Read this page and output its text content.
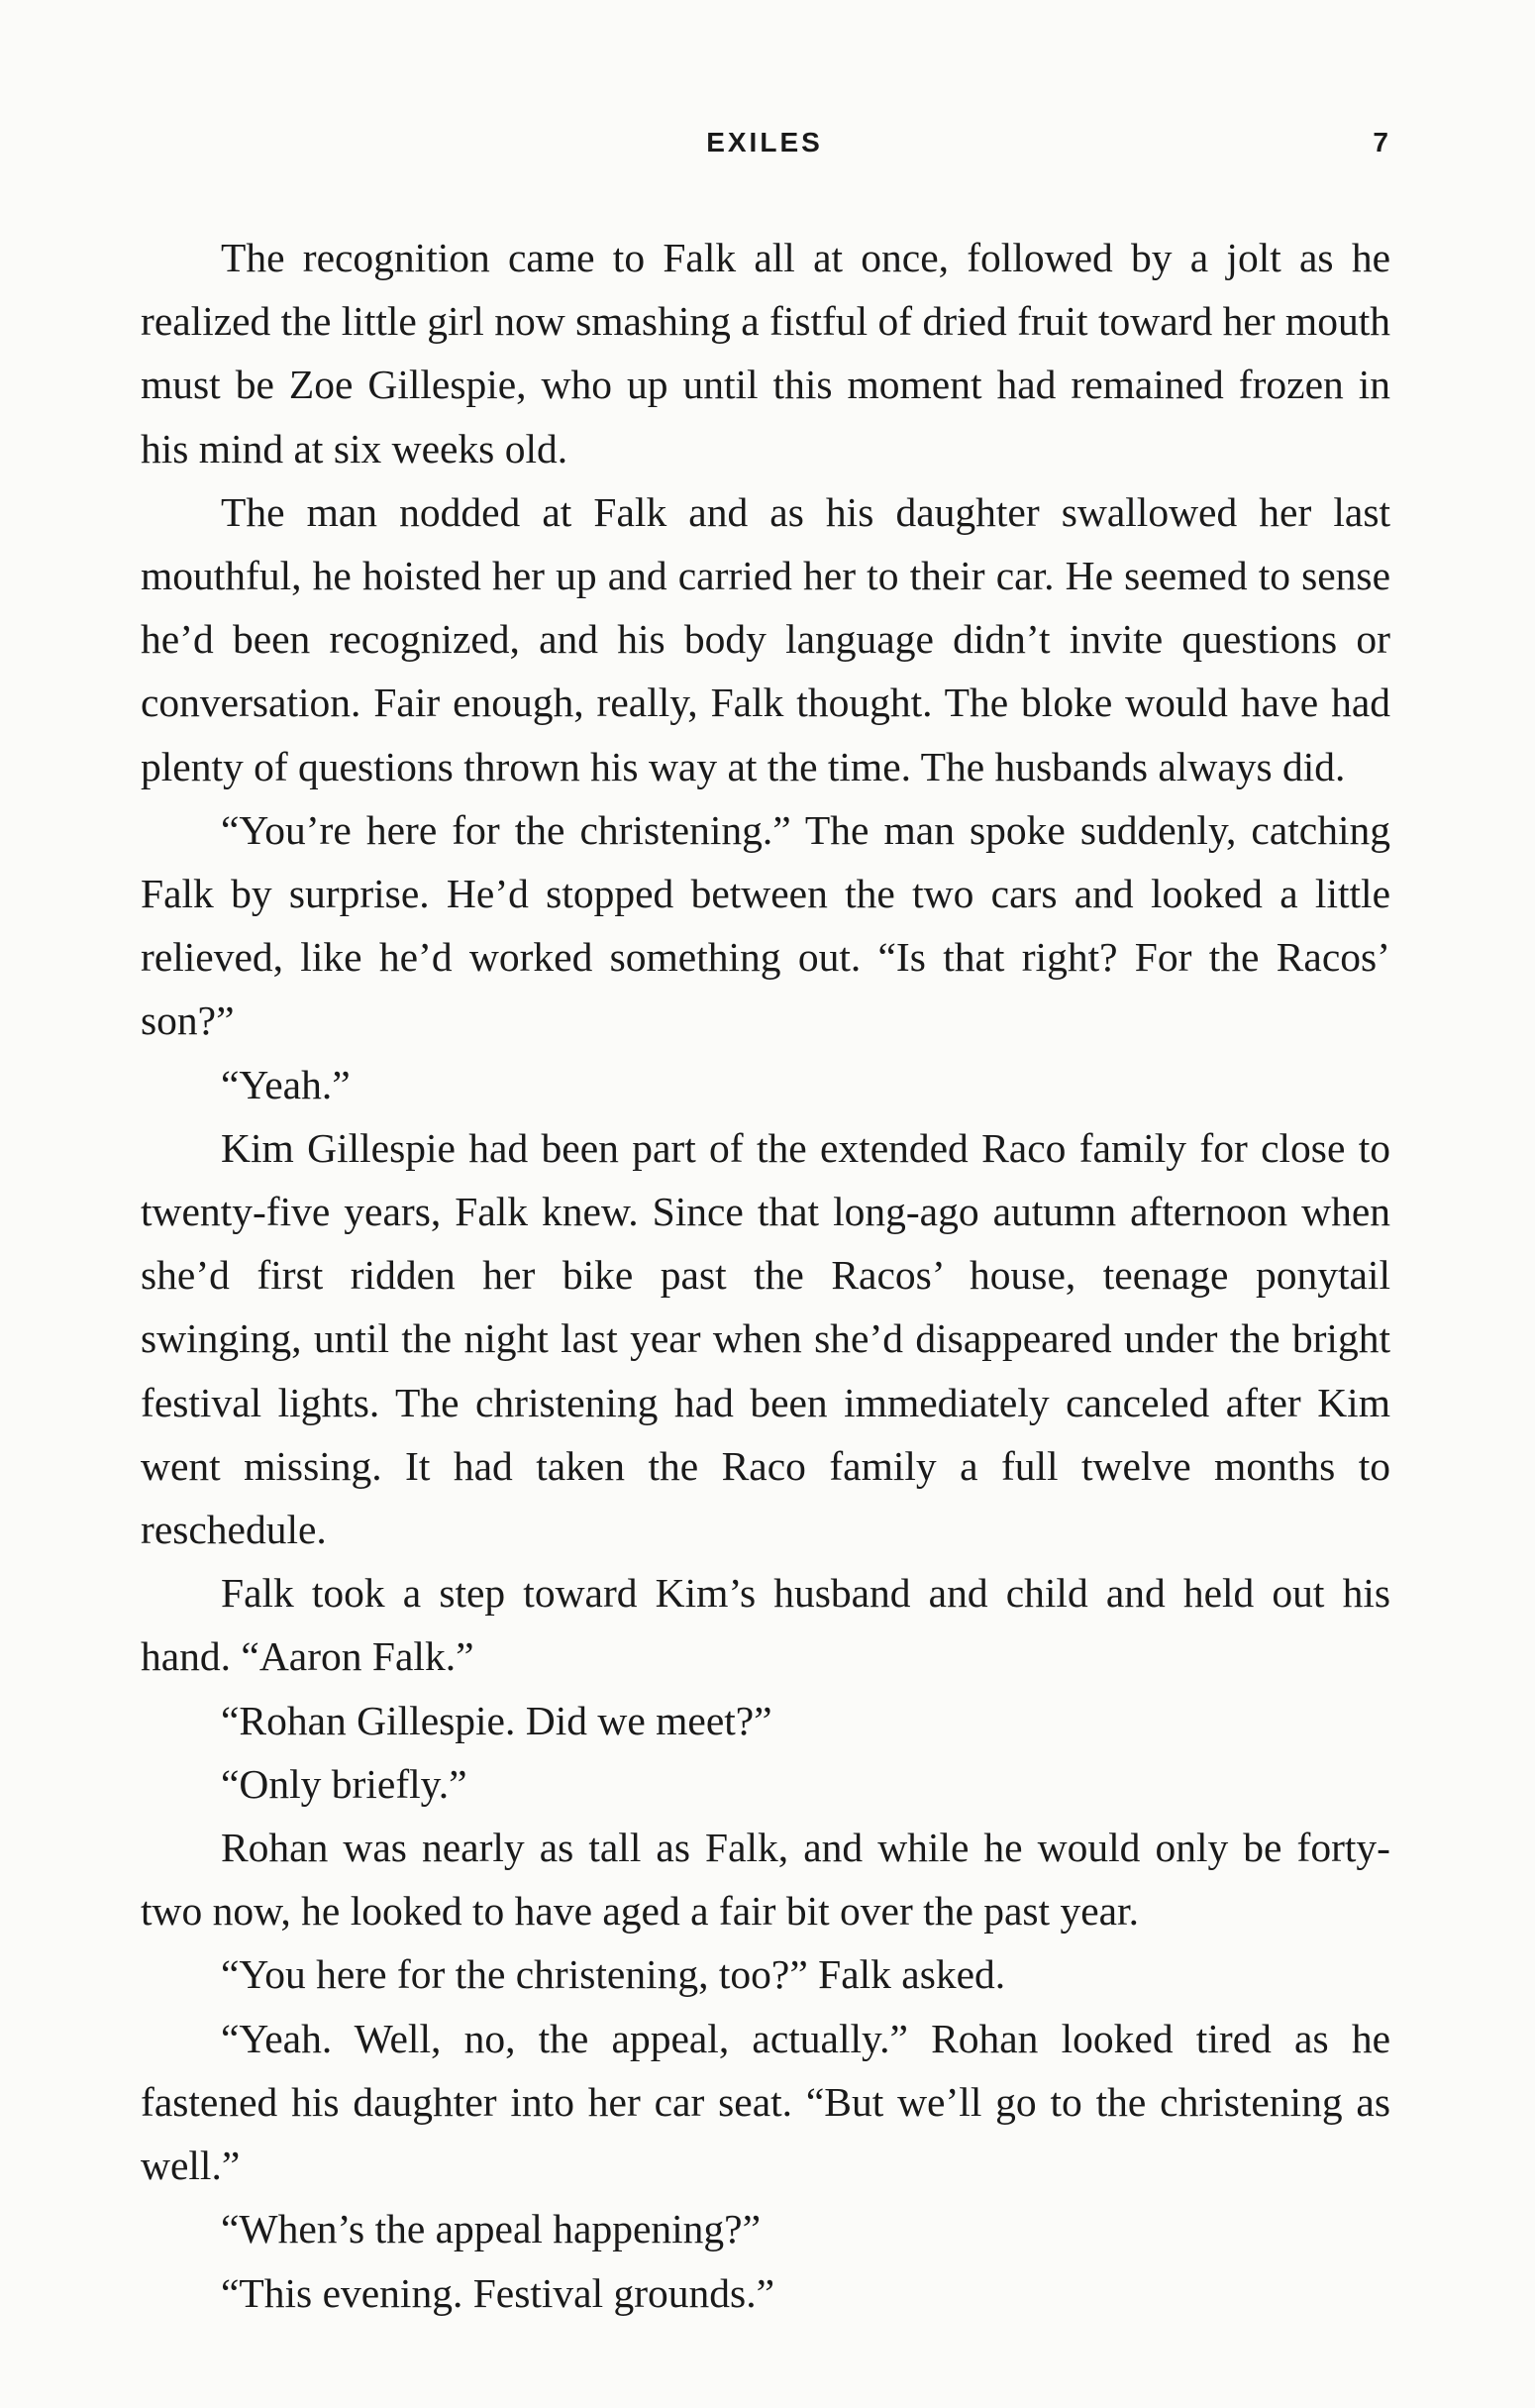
EXILES	7

The recognition came to Falk all at once, followed by a jolt as he realized the little girl now smashing a fistful of dried fruit toward her mouth must be Zoe Gillespie, who up until this moment had remained frozen in his mind at six weeks old.

The man nodded at Falk and as his daughter swallowed her last mouthful, he hoisted her up and carried her to their car. He seemed to sense he’d been recognized, and his body language didn’t invite questions or conversation. Fair enough, really, Falk thought. The bloke would have had plenty of questions thrown his way at the time. The husbands always did.

“You’re here for the christening.” The man spoke suddenly, catching Falk by surprise. He’d stopped between the two cars and looked a little relieved, like he’d worked something out. “Is that right? For the Racos’ son?”

“Yeah.”

Kim Gillespie had been part of the extended Raco family for close to twenty-five years, Falk knew. Since that long-ago autumn afternoon when she’d first ridden her bike past the Racos’ house, teenage ponytail swinging, until the night last year when she’d disappeared under the bright festival lights. The christening had been immediately canceled after Kim went missing. It had taken the Raco family a full twelve months to reschedule.

Falk took a step toward Kim’s husband and child and held out his hand. “Aaron Falk.”

“Rohan Gillespie. Did we meet?”

“Only briefly.”

Rohan was nearly as tall as Falk, and while he would only be forty-two now, he looked to have aged a fair bit over the past year.

“You here for the christening, too?” Falk asked.

“Yeah. Well, no, the appeal, actually.” Rohan looked tired as he fastened his daughter into her car seat. “But we’ll go to the christening as well.”

“When’s the appeal happening?”

“This evening. Festival grounds.”
